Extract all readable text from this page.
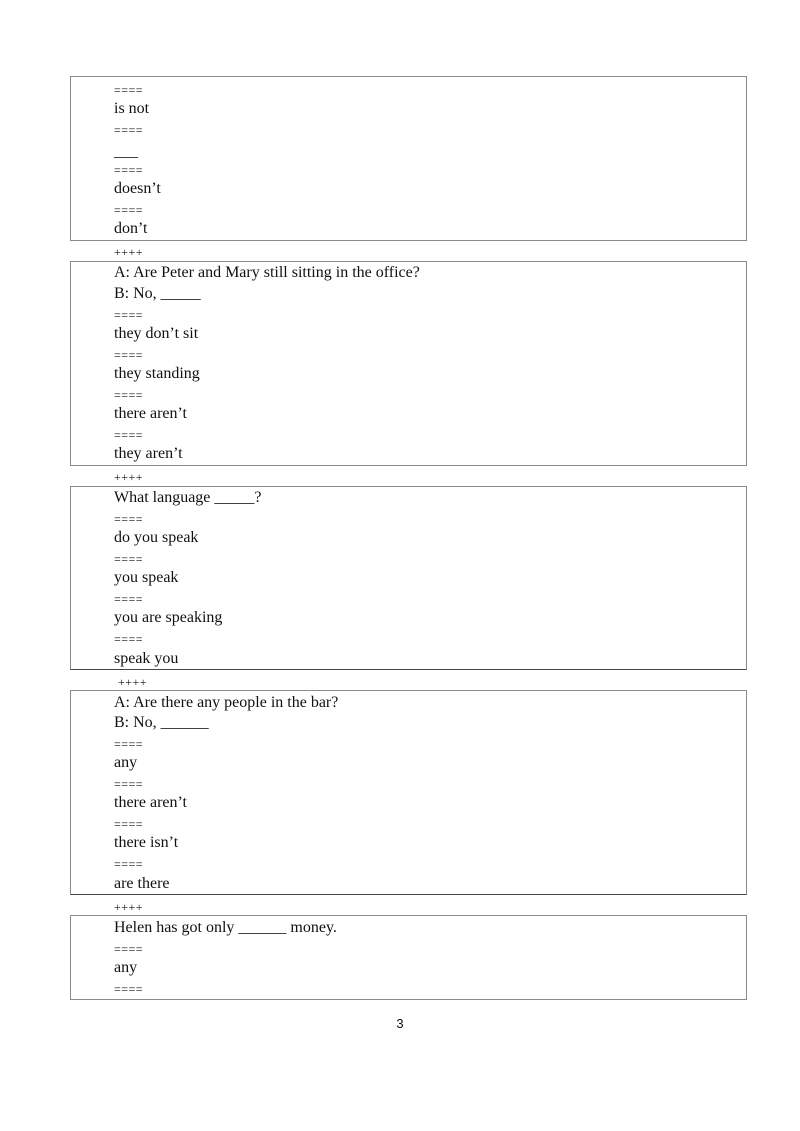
====
is not
====
___
====
doesn’t
====
don’t
++++
A: Are Peter and Mary still sitting in the office?
B: No, _____
====
they don’t sit
====
they standing
====
there aren’t
====
they aren’t
++++
What language _____?
====
do you speak
====
you speak
====
you are speaking
====
speak you
++++
A: Are there any people in the bar?
B: No, ______
====
any
====
there aren’t
====
there isn’t
====
are there
++++
Helen has got only ______ money.
====
any
====
3
